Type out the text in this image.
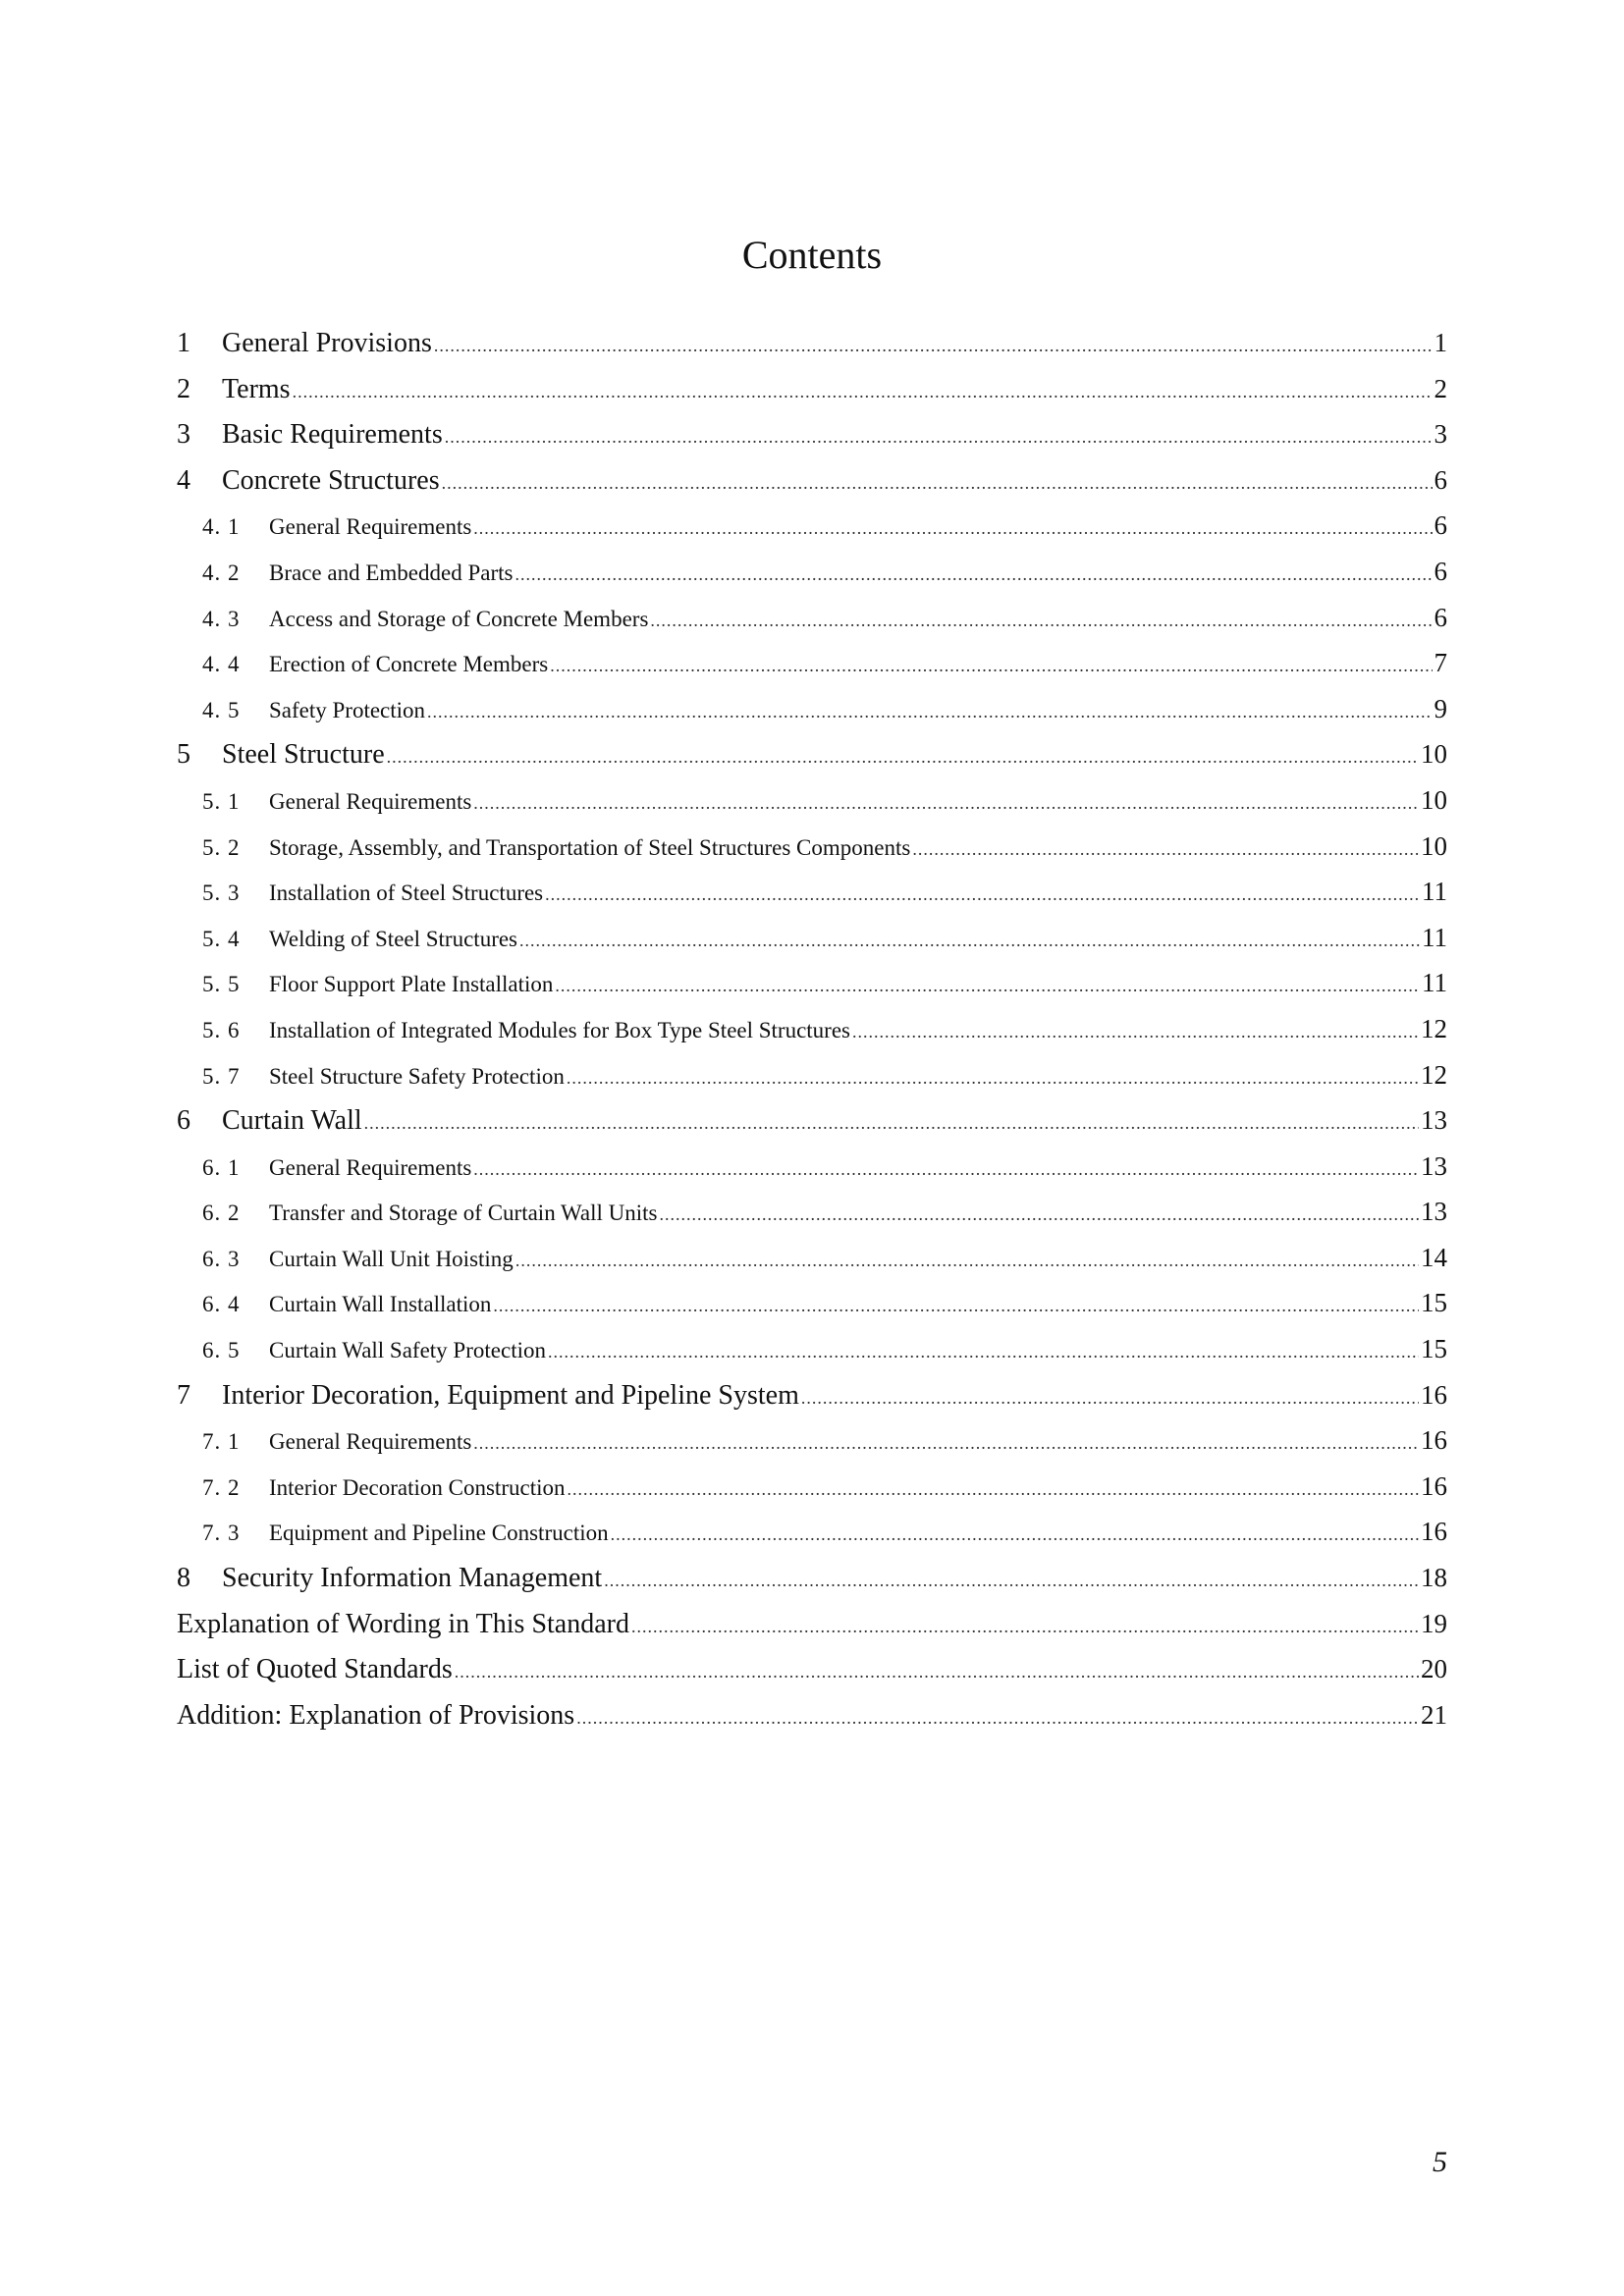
Contents
1	General Provisions .....	1
2	Terms .....	2
3	Basic Requirements .....	3
4	Concrete Structures .....	6
4. 1	General Requirements .....	6
4. 2	Brace and Embedded Parts .....	6
4. 3	Access and Storage of Concrete Members .....	6
4. 4	Erection of Concrete Members .....	7
4. 5	Safety Protection .....	9
5	Steel Structure .....	10
5. 1	General Requirements .....	10
5. 2	Storage, Assembly, and Transportation of Steel Structures Components .....	10
5. 3	Installation of Steel Structures .....	11
5. 4	Welding of Steel Structures .....	11
5. 5	Floor Support Plate Installation .....	11
5. 6	Installation of Integrated Modules for Box Type Steel Structures .....	12
5. 7	Steel Structure Safety Protection .....	12
6	Curtain Wall .....	13
6. 1	General Requirements .....	13
6. 2	Transfer and Storage of Curtain Wall Units .....	13
6. 3	Curtain Wall Unit Hoisting .....	14
6. 4	Curtain Wall Installation .....	15
6. 5	Curtain Wall Safety Protection .....	15
7	Interior Decoration, Equipment and Pipeline System .....	16
7. 1	General Requirements .....	16
7. 2	Interior Decoration Construction .....	16
7. 3	Equipment and Pipeline Construction .....	16
8	Security Information Management .....	18
Explanation of Wording in This Standard .....	19
List of Quoted Standards .....	20
Addition: Explanation of Provisions .....	21
5
